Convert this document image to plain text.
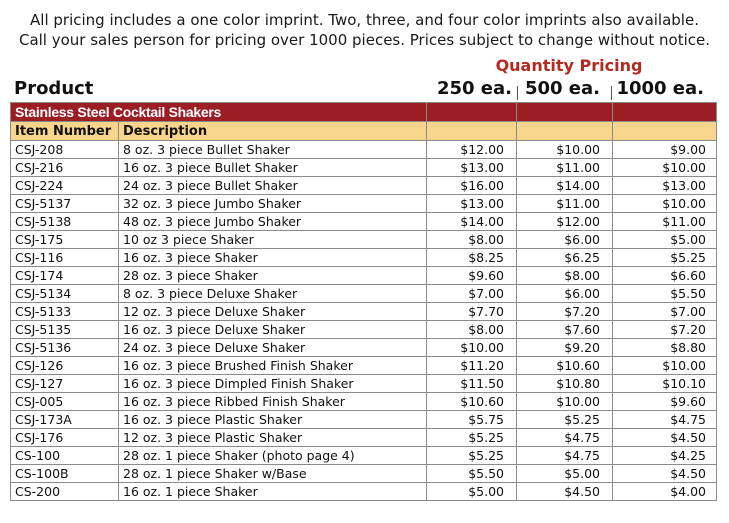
All pricing includes a one color imprint. Two, three, and four color imprints also available.
Call your sales person for pricing over 1000 pieces. Prices subject to change without notice.
Quantity Pricing
Product	250 ea. 500 ea. 1000 ea.
Stainless Steel Cocktail Shakers				
Item Number	Description			
CSJ-208	8 oz. 3 piece Bullet Shaker	$12.00	$10.00	$9.00
CSJ-216	16 oz. 3 piece Bullet Shaker	$13.00	$11.00	$10.00
CSJ-224	24 oz. 3 piece Bullet Shaker	$16.00	$14.00	$13.00
CSJ-5137	32 oz. 3 piece Jumbo Shaker	$13.00	$11.00	$10.00
CSJ-5138	48 oz. 3 piece Jumbo Shaker	$14.00	$12.00	$11.00
CSJ-175	10 oz 3 piece Shaker	$8.00	$6.00	$5.00
CSJ-116	16 oz. 3 piece Shaker	$8.25	$6.25	$5.25
CSJ-174	28 oz. 3 piece Shaker	$9.60	$8.00	$6.60
CSJ-5134	8 oz. 3 piece Deluxe Shaker	$7.00	$6.00	$5.50
CSJ-5133	12 oz. 3 piece Deluxe Shaker	$7.70	$7.20	$7.00
CSJ-5135	16 oz. 3 piece Deluxe Shaker	$8.00	$7.60	$7.20
CSJ-5136	24 oz. 3 piece Deluxe Shaker	$10.00	$9.20	$8.80
CSJ-126	16 oz. 3 piece Brushed Finish Shaker	$11.20	$10.60	$10.00
CSJ-127	16 oz. 3 piece Dimpled Finish Shaker	$11.50	$10.80	$10.10
CSJ-005	16 oz. 3 piece Ribbed Finish Shaker	$10.60	$10.00	$9.60
CSJ-173A	16 oz. 3 piece Plastic Shaker	$5.75	$5.25	$4.75
CSJ-176	12 oz. 3 piece Plastic Shaker	$5.25	$4.75	$4.50
CS-100	28 oz. 1 piece Shaker (photo page 4)	$5.25	$4.75	$4.25
CS-100B	28 oz. 1 piece Shaker w/Base	$5.50	$5.00	$4.50
CS-200	16 oz. 1 piece Shaker	$5.00	$4.50	$4.00
